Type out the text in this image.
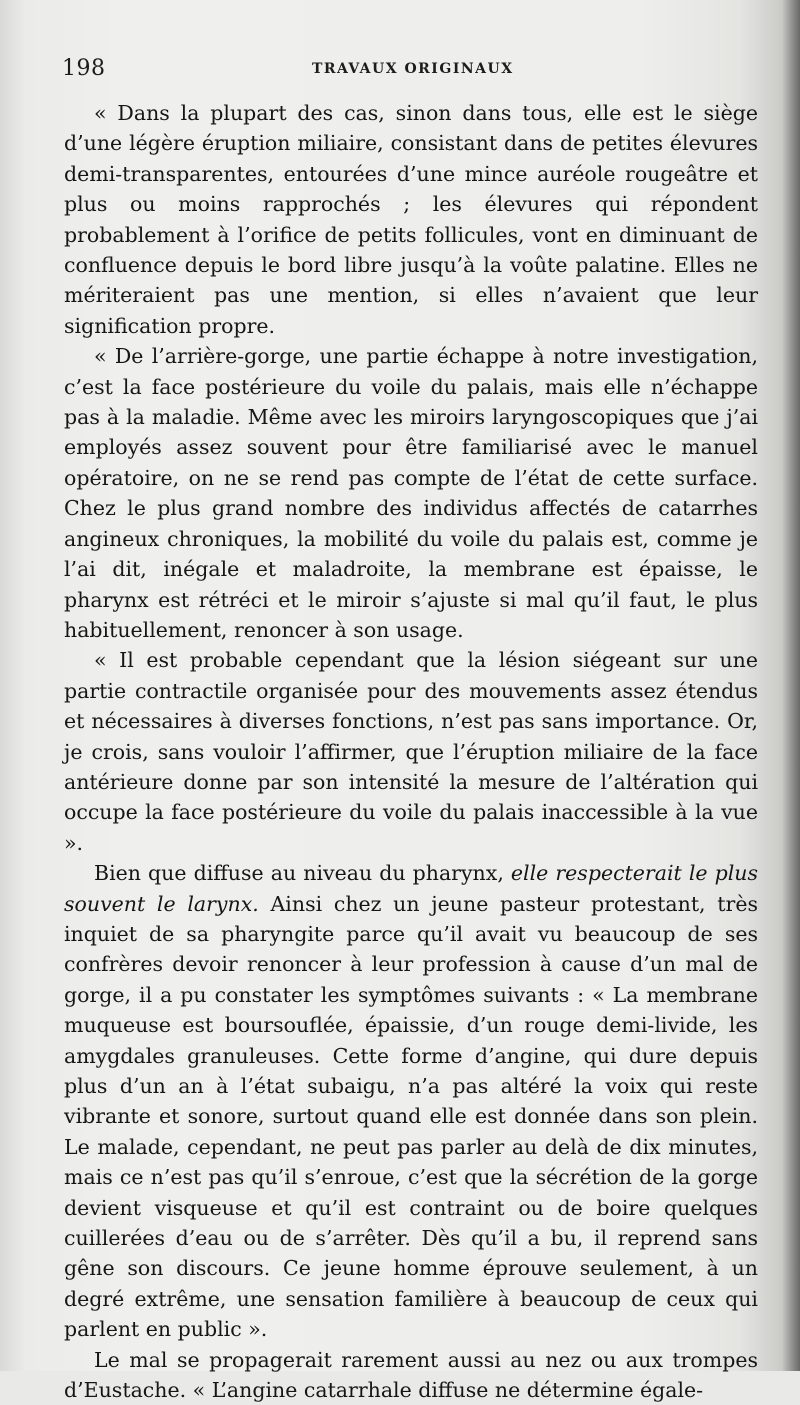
198	TRAVAUX ORIGINAUX

« Dans la plupart des cas, sinon dans tous, elle est le siège d’une légère éruption miliaire, consistant dans de petites élevures demi-transparentes, entourées d’une mince auréole rougeâtre et plus ou moins rapprochés ; les élevures qui répondent probablement à l’orifice de petits follicules, vont en diminuant de confluence depuis le bord libre jusqu’à la voûte palatine. Elles ne mériteraient pas une mention, si elles n’avaient que leur signification propre.

« De l’arrière-gorge, une partie échappe à notre investigation, c’est la face postérieure du voile du palais, mais elle n’échappe pas à la maladie. Même avec les miroirs laryngoscopiques que j’ai employés assez souvent pour être familiarisé avec le manuel opératoire, on ne se rend pas compte de l’état de cette surface. Chez le plus grand nombre des individus affectés de catarrhes angineux chroniques, la mobilité du voile du palais est, comme je l’ai dit, inégale et maladroite, la membrane est épaisse, le pharynx est rétréci et le miroir s’ajuste si mal qu’il faut, le plus habituellement, renoncer à son usage.

« Il est probable cependant que la lésion siégeant sur une partie contractile organisée pour des mouvements assez étendus et nécessaires à diverses fonctions, n’est pas sans importance. Or, je crois, sans vouloir l’affirmer, que l’éruption miliaire de la face antérieure donne par son intensité la mesure de l’altération qui occupe la face postérieure du voile du palais inaccessible à la vue ».

Bien que diffuse au niveau du pharynx, elle respecterait le plus souvent le larynx. Ainsi chez un jeune pasteur protestant, très inquiet de sa pharyngite parce qu’il avait vu beaucoup de ses confrères devoir renoncer à leur profession à cause d’un mal de gorge, il a pu constater les symptômes suivants : « La membrane muqueuse est boursouflée, épaissie, d’un rouge demi-livide, les amygdales granuleuses. Cette forme d’angine, qui dure depuis plus d’un an à l’état subaigu, n’a pas altéré la voix qui reste vibrante et sonore, surtout quand elle est donnée dans son plein. Le malade, cependant, ne peut pas parler au delà de dix minutes, mais ce n’est pas qu’il s’enroue, c’est que la sécrétion de la gorge devient visqueuse et qu’il est contraint ou de boire quelques cuillerées d’eau ou de s’arrêter. Dès qu’il a bu, il reprend sans gêne son discours. Ce jeune homme éprouve seulement, à un degré extrême, une sensation familière à beaucoup de ceux qui parlent en public ».

Le mal se propagerait rarement aussi au nez ou aux trompes d’Eustache. « L’angine catarrhale diffuse ne détermine égale-
